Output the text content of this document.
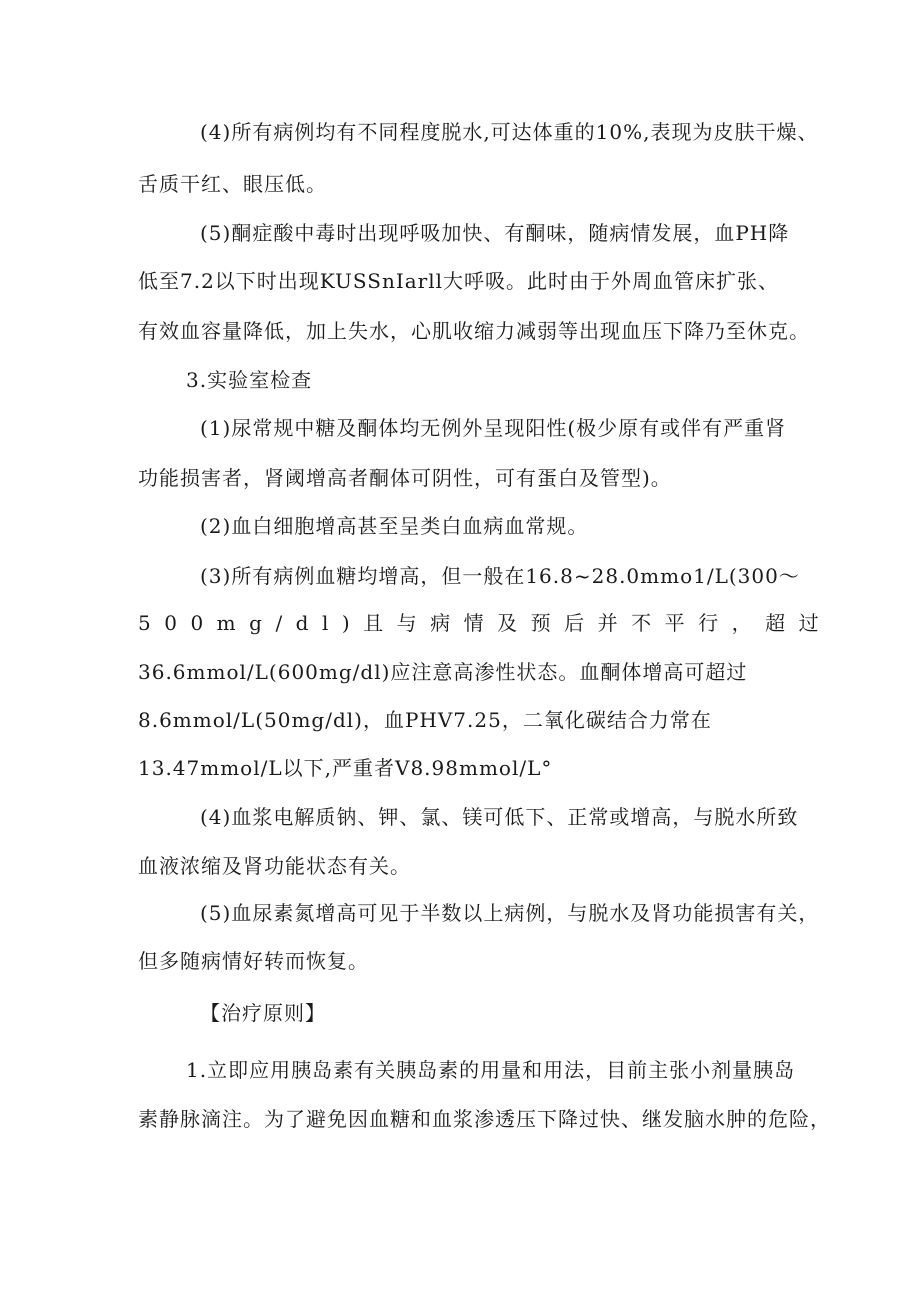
(4)所有病例均有不同程度脱水,可达体重的10%,表现为皮肤干燥、
舌质干红、眼压低。
(5)酮症酸中毒时出现呼吸加快、有酮味，随病情发展，血PH降
低至7.2以下时出现KUSSnIarll大呼吸。此时由于外周血管床扩张、
有效血容量降低，加上失水，心肌收缩力减弱等出现血压下降乃至休克。
3.实验室检查
(1)尿常规中糖及酮体均无例外呈现阳性(极少原有或伴有严重肾
功能损害者，肾阈增高者酮体可阴性，可有蛋白及管型)。
(2)血白细胞增高甚至呈类白血病血常规。
(3)所有病例血糖均增高，但一般在16.8~28.0mmo1/L(300～
500mg/dl)且与病情及预后并不平行，超过
36.6mmol/L(600mg/dl)应注意高渗性状态。血酮体增高可超过
8.6mmol/L(50mg/dl)，血PHV7.25，二氧化碳结合力常在
13.47mmol/L以下,严重者V8.98mmol/L°
(4)血浆电解质钠、钾、氯、镁可低下、正常或增高，与脱水所致
血液浓缩及肾功能状态有关。
(5)血尿素氮增高可见于半数以上病例，与脱水及肾功能损害有关，
但多随病情好转而恢复。
【治疗原则】
1.立即应用胰岛素有关胰岛素的用量和用法，目前主张小剂量胰岛
素静脉滴注。为了避免因血糖和血浆渗透压下降过快、继发脑水肿的危险，
